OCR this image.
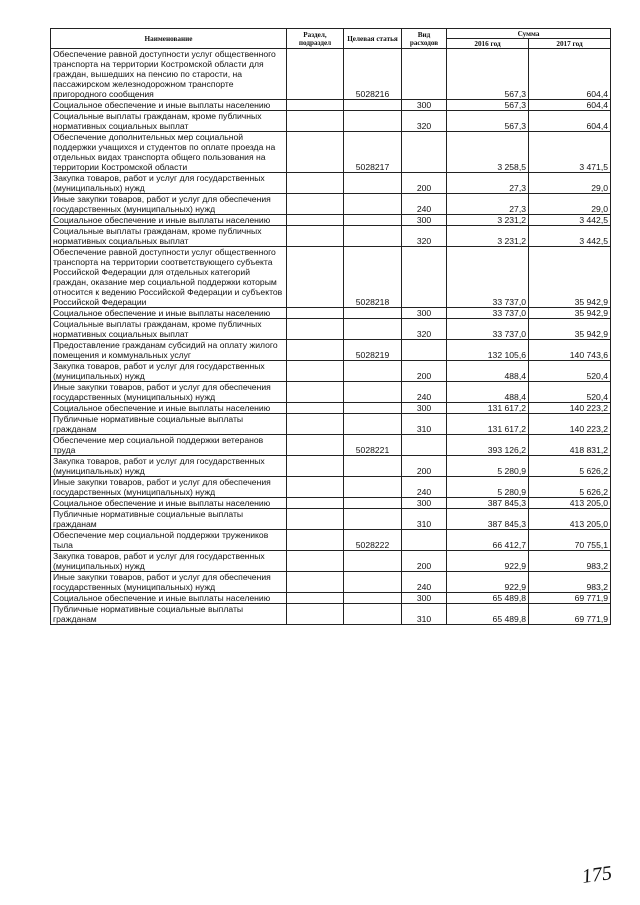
Наименование	Раздел, подраздел	Целевая статья	Вид расходов	Сумма	
				2016 год	2017 год
Обеспечение равной доступности услуг общественного транспорта на территории Костромской области для граждан, вышедших на пенсию по старости, на пассажирском железнодорожном транспорте пригородного сообщения		5028216		567,3	604,4
Социальное обеспечение и иные выплаты населению			300	567,3	604,4
Социальные выплаты гражданам, кроме публичных нормативных социальных выплат			320	567,3	604,4
Обеспечение дополнительных мер социальной поддержки учащихся и студентов по оплате проезда на отдельных видах транспорта общего пользования на территории Костромской области		5028217		3 258,5	3 471,5
Закупка товаров, работ и услуг для государственных (муниципальных) нужд			200	27,3	29,0
Иные закупки товаров, работ и услуг для обеспечения государственных (муниципальных) нужд			240	27,3	29,0
Социальное обеспечение и иные выплаты населению			300	3 231,2	3 442,5
Социальные выплаты гражданам, кроме публичных нормативных социальных выплат			320	3 231,2	3 442,5
Обеспечение равной доступности услуг общественного транспорта на территории соответствующего субъекта Российской Федерации для отдельных категорий граждан, оказание мер социальной поддержки которым относится к ведению Российской Федерации и субъектов Российской Федерации		5028218		33 737,0	35 942,9
Социальное обеспечение и иные выплаты населению			300	33 737,0	35 942,9
Социальные выплаты гражданам, кроме публичных нормативных социальных выплат			320	33 737,0	35 942,9
Предоставление гражданам субсидий на оплату жилого помещения и коммунальных услуг		5028219		132 105,6	140 743,6
Закупка товаров, работ и услуг для государственных (муниципальных) нужд			200	488,4	520,4
Иные закупки товаров, работ и услуг для обеспечения государственных (муниципальных) нужд			240	488,4	520,4
Социальное обеспечение и иные выплаты населению			300	131 617,2	140 223,2
Публичные нормативные социальные выплаты гражданам			310	131 617,2	140 223,2
Обеспечение мер социальной поддержки ветеранов труда		5028221		393 126,2	418 831,2
Закупка товаров, работ и услуг для государственных (муниципальных) нужд			200	5 280,9	5 626,2
Иные закупки товаров, работ и услуг для обеспечения государственных (муниципальных) нужд			240	5 280,9	5 626,2
Социальное обеспечение и иные выплаты населению			300	387 845,3	413 205,0
Публичные нормативные социальные выплаты гражданам			310	387 845,3	413 205,0
Обеспечение мер социальной поддержки тружеников тыла		5028222		66 412,7	70 755,1
Закупка товаров, работ и услуг для государственных (муниципальных) нужд			200	922,9	983,2
Иные закупки товаров, работ и услуг для обеспечения государственных (муниципальных) нужд			240	922,9	983,2
Социальное обеспечение и иные выплаты населению			300	65 489,8	69 771,9
Публичные нормативные социальные выплаты гражданам			310	65 489,8	69 771,9
175
